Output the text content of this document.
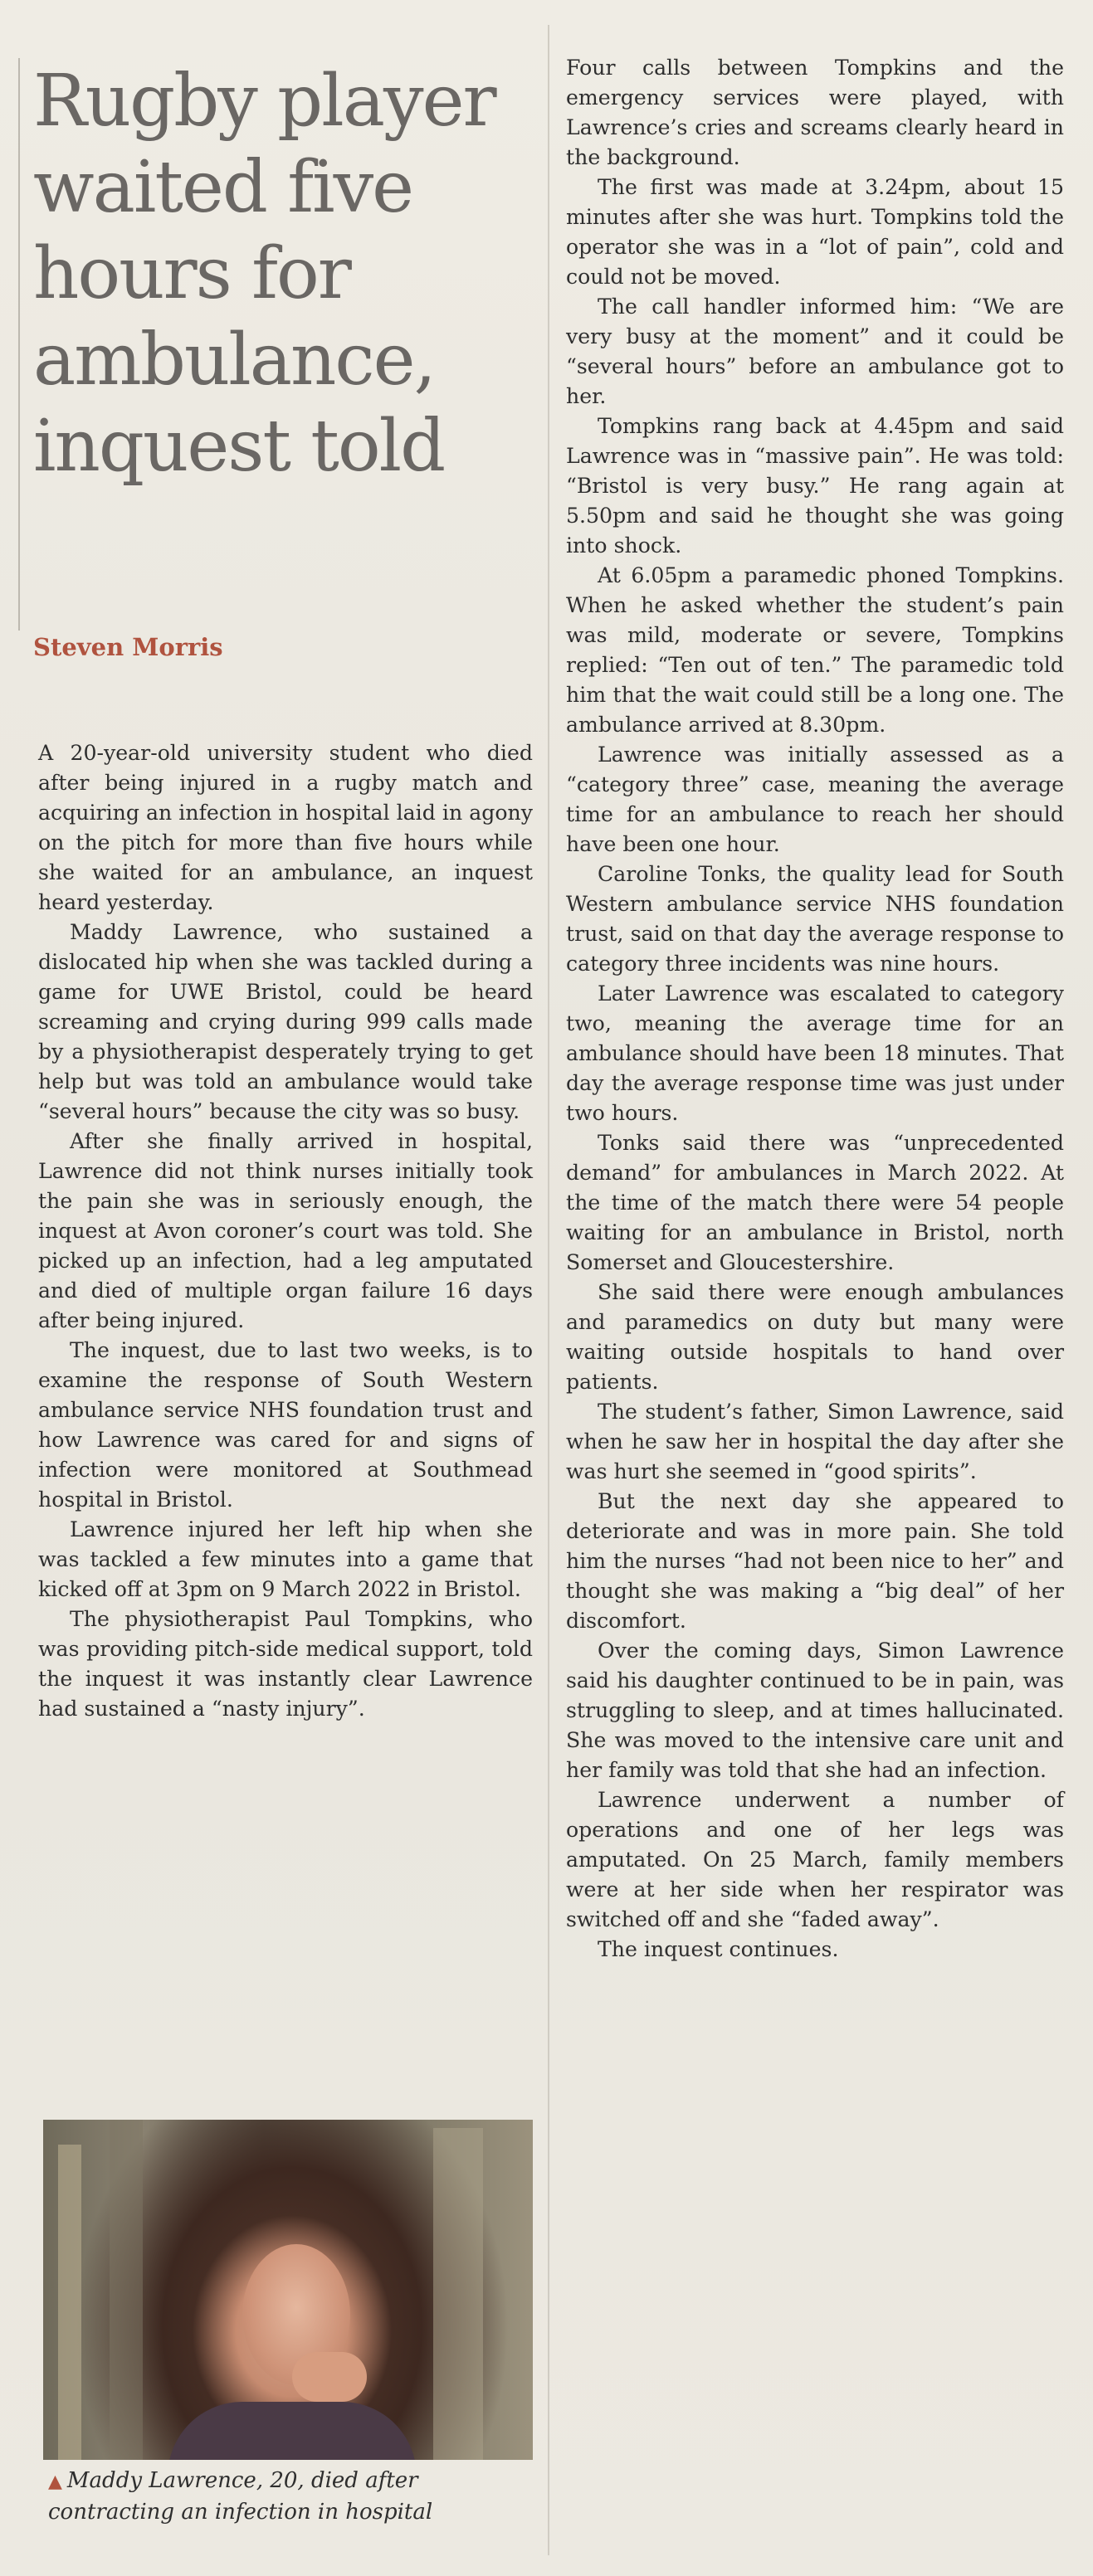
Rugby player waited five hours for ambulance, inquest told

Steven Morris

A 20-year-old university student who died after being injured in a rugby match and acquiring an infection in hospital laid in agony on the pitch for more than five hours while she waited for an ambulance, an inquest heard yesterday.

Maddy Lawrence, who sustained a dislocated hip when she was tackled during a game for UWE Bristol, could be heard screaming and crying during 999 calls made by a physiotherapist desperately trying to get help but was told an ambulance would take “several hours” because the city was so busy.

After she finally arrived in hospital, Lawrence did not think nurses initially took the pain she was in seriously enough, the inquest at Avon coroner’s court was told. She picked up an infection, had a leg amputated and died of multiple organ failure 16 days after being injured.

The inquest, due to last two weeks, is to examine the response of South Western ambulance service NHS foundation trust and how Lawrence was cared for and signs of infection were monitored at Southmead hospital in Bristol.

Lawrence injured her left hip when she was tackled a few minutes into a game that kicked off at 3pm on 9 March 2022 in Bristol.

The physiotherapist Paul Tompkins, who was providing pitch-side medical support, told the inquest it was instantly clear Lawrence had sustained a “nasty injury”.

▲ Maddy Lawrence, 20, died after contracting an infection in hospital

Four calls between Tompkins and the emergency services were played, with Lawrence’s cries and screams clearly heard in the background.

The first was made at 3.24pm, about 15 minutes after she was hurt. Tompkins told the operator she was in a “lot of pain”, cold and could not be moved.

The call handler informed him: “We are very busy at the moment” and it could be “several hours” before an ambulance got to her.

Tompkins rang back at 4.45pm and said Lawrence was in “massive pain”. He was told: “Bristol is very busy.” He rang again at 5.50pm and said he thought she was going into shock.

At 6.05pm a paramedic phoned Tompkins. When he asked whether the student’s pain was mild, moderate or severe, Tompkins replied: “Ten out of ten.” The paramedic told him that the wait could still be a long one. The ambulance arrived at 8.30pm.

Lawrence was initially assessed as a “category three” case, meaning the average time for an ambulance to reach her should have been one hour.

Caroline Tonks, the quality lead for South Western ambulance service NHS foundation trust, said on that day the average response to category three incidents was nine hours.

Later Lawrence was escalated to category two, meaning the average time for an ambulance should have been 18 minutes. That day the average response time was just under two hours.

Tonks said there was “unprecedented demand” for ambulances in March 2022. At the time of the match there were 54 people waiting for an ambulance in Bristol, north Somerset and Gloucestershire.

She said there were enough ambulances and paramedics on duty but many were waiting outside hospitals to hand over patients.

The student’s father, Simon Lawrence, said when he saw her in hospital the day after she was hurt she seemed in “good spirits”.

But the next day she appeared to deteriorate and was in more pain. She told him the nurses “had not been nice to her” and thought she was making a “big deal” of her discomfort.

Over the coming days, Simon Lawrence said his daughter continued to be in pain, was struggling to sleep, and at times hallucinated. She was moved to the intensive care unit and her family was told that she had an infection.

Lawrence underwent a number of operations and one of her legs was amputated. On 25 March, family members were at her side when her respirator was switched off and she “faded away”.

The inquest continues.
